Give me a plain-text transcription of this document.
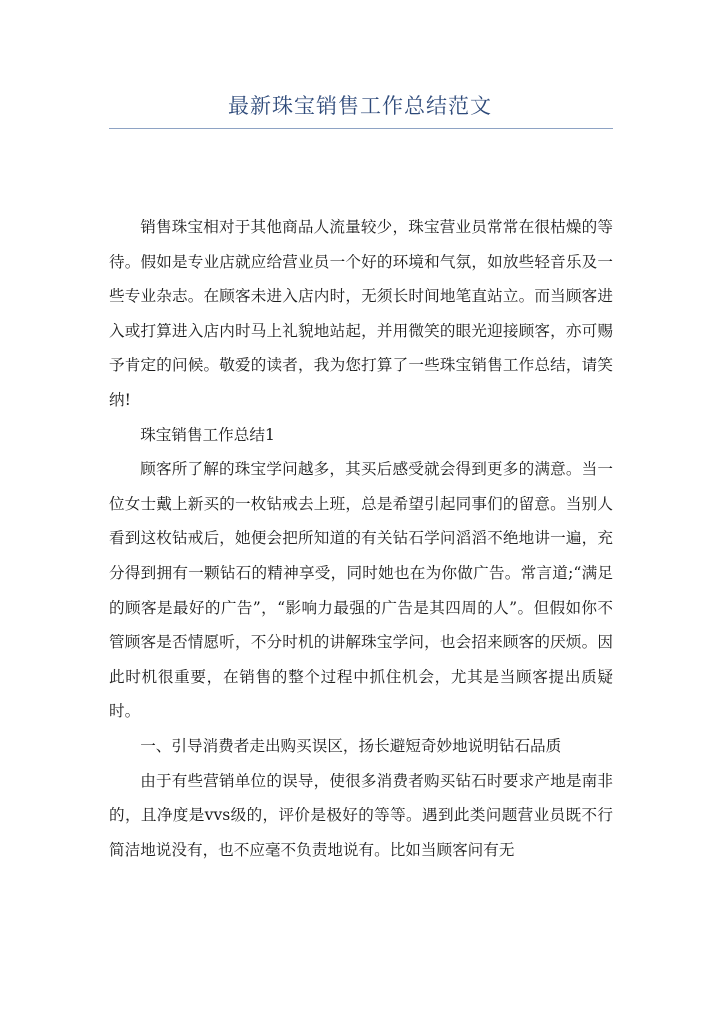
最新珠宝销售工作总结范文

销售珠宝相对于其他商品人流量较少，珠宝营业员常常在很枯燥的等待。假如是专业店就应给营业员一个好的环境和气氛，如放些轻音乐及一些专业杂志。在顾客未进入店内时，无须长时间地笔直站立。而当顾客进入或打算进入店内时马上礼貌地站起，并用微笑的眼光迎接顾客，亦可赐予肯定的问候。敬爱的读者，我为您打算了一些珠宝销售工作总结，请笑纳!

珠宝销售工作总结1

顾客所了解的珠宝学问越多，其买后感受就会得到更多的满意。当一位女士戴上新买的一枚钻戒去上班，总是希望引起同事们的留意。当别人看到这枚钻戒后，她便会把所知道的有关钻石学问滔滔不绝地讲一遍，充分得到拥有一颗钻石的精神享受，同时她也在为你做广告。常言道;“满足的顾客是最好的广告”，“影响力最强的广告是其四周的人”。但假如你不管顾客是否情愿听，不分时机的讲解珠宝学问，也会招来顾客的厌烦。因此时机很重要，在销售的整个过程中抓住机会，尤其是当顾客提出质疑时。

一、引导消费者走出购买误区，扬长避短奇妙地说明钻石品质

由于有些营销单位的误导，使很多消费者购买钻石时要求产地是南非的，且净度是vvs级的，评价是极好的等等。遇到此类问题营业员既不行简洁地说没有，也不应毫不负责地说有。比如当顾客问有无
